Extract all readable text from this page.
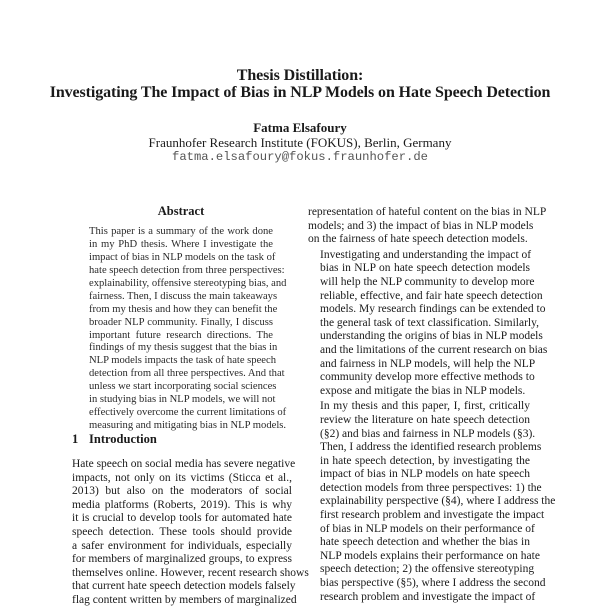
Thesis Distillation:
Investigating The Impact of Bias in NLP Models on Hate Speech Detection
Fatma Elsafoury
Fraunhofer Research Institute (FOKUS), Berlin, Germany
fatma.elsafoury@fokus.fraunhofer.de
Abstract
This paper is a summary of the work done
in my PhD thesis. Where I investigate the
impact of bias in NLP models on the task of
hate speech detection from three perspectives:
explainability, offensive stereotyping bias, and
fairness. Then, I discuss the main takeaways
from my thesis and how they can benefit the
broader NLP community. Finally, I discuss
important future research directions. The
findings of my thesis suggest that the bias in
NLP models impacts the task of hate speech
detection from all three perspectives. And that
unless we start incorporating social sciences
in studying bias in NLP models, we will not
effectively overcome the current limitations of
measuring and mitigating bias in NLP models.
1 Introduction
Hate speech on social media has severe negative
impacts, not only on its victims (Sticca et al.,
2013) but also on the moderators of social
media platforms (Roberts, 2019). This is why
it is crucial to develop tools for automated hate
speech detection. These tools should provide
a safer environment for individuals, especially
for members of marginalized groups, to express
themselves online. However, recent research shows
that current hate speech detection models falsely
flag content written by members of marginalized

representation of hateful content on the bias in NLP
models; and 3) the impact of bias in NLP models
on the fairness of hate speech detection models.

Investigating and understanding the impact of
bias in NLP on hate speech detection models
will help the NLP community to develop more
reliable, effective, and fair hate speech detection
models. My research findings can be extended to
the general task of text classification. Similarly,
understanding the origins of bias in NLP models
and the limitations of the current research on bias
and fairness in NLP models, will help the NLP
community develop more effective methods to
expose and mitigate the bias in NLP models.

In my thesis and this paper, I, first, critically
review the literature on hate speech detection
(§2) and bias and fairness in NLP models (§3).
Then, I address the identified research problems
in hate speech detection, by investigating the
impact of bias in NLP models on hate speech
detection models from three perspectives: 1) the
explainability perspective (§4), where I address the
first research problem and investigate the impact
of bias in NLP models on their performance of
hate speech detection and whether the bias in
NLP models explains their performance on hate
speech detection; 2) the offensive stereotyping
bias perspective (§5), where I address the second
research problem and investigate the impact of
